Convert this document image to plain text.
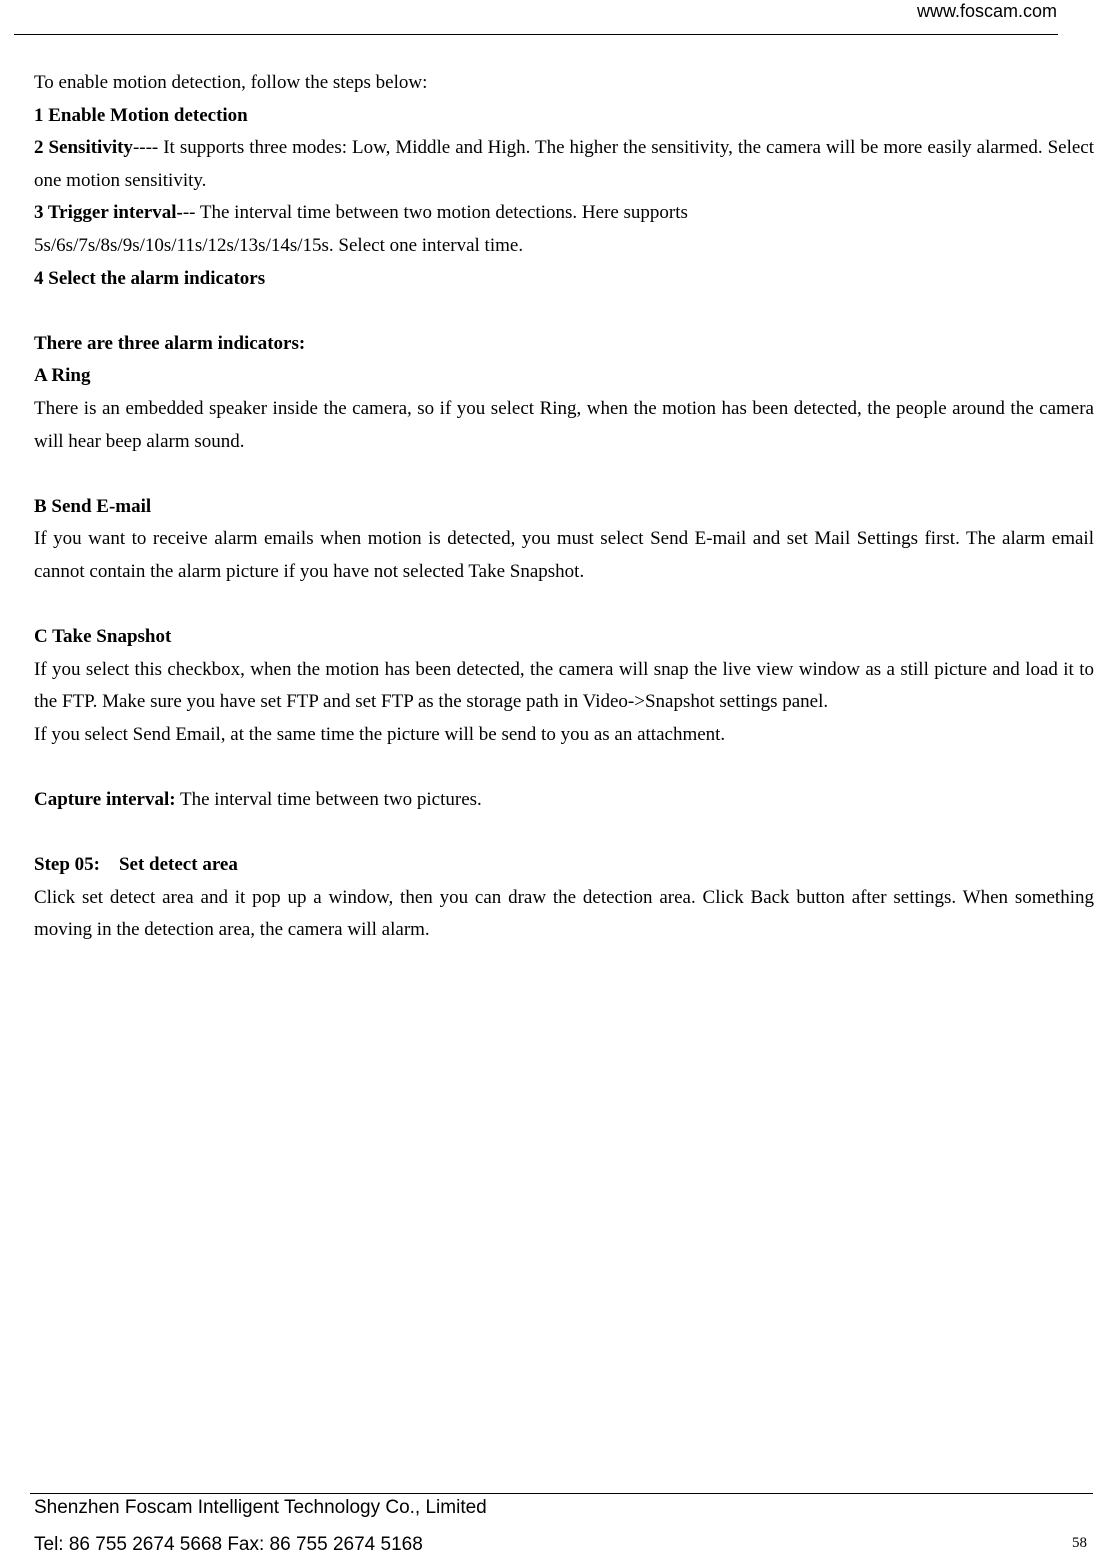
www.foscam.com

To enable motion detection, follow the steps below:

1 Enable Motion detection

2 Sensitivity---- It supports three modes: Low, Middle and High. The higher the sensitivity, the camera will be more easily alarmed. Select one motion sensitivity.

3 Trigger interval--- The interval time between two motion detections. Here supports

5s/6s/7s/8s/9s/10s/11s/12s/13s/14s/15s. Select one interval time.

4 Select the alarm indicators

There are three alarm indicators:

A Ring

There is an embedded speaker inside the camera, so if you select Ring, when the motion has been detected, the people around the camera will hear beep alarm sound.

B Send E-mail

If you want to receive alarm emails when motion is detected, you must select Send E-mail and set Mail Settings first. The alarm email cannot contain the alarm picture if you have not selected Take Snapshot.

C Take Snapshot

If you select this checkbox, when the motion has been detected, the camera will snap the live view window as a still picture and load it to the FTP. Make sure you have set FTP and set FTP as the storage path in Video->Snapshot settings panel.

If you select Send Email, at the same time the picture will be send to you as an attachment.

Capture interval: The interval time between two pictures.

Step 05:    Set detect area

Click set detect area and it pop up a window, then you can draw the detection area. Click Back button after settings. When something moving in the detection area, the camera will alarm.

Shenzhen Foscam Intelligent Technology Co., Limited
Tel: 86 755 2674 5668 Fax: 86 755 2674 5168	58
